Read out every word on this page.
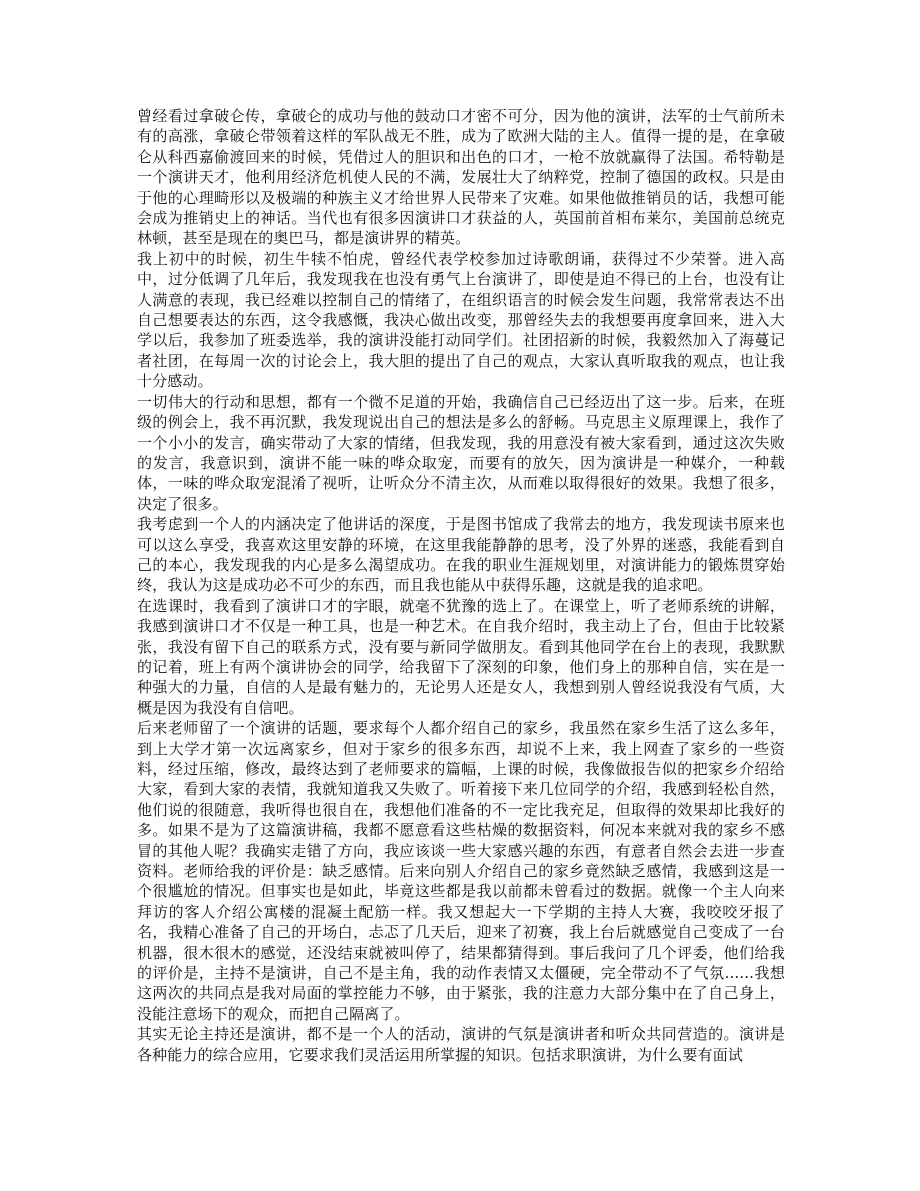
曾经看过拿破仑传，拿破仑的成功与他的鼓动口才密不可分，因为他的演讲，法军的士气前所未有的高涨，拿破仑带领着这样的军队战无不胜，成为了欧洲大陆的主人。值得一提的是，在拿破仑从科西嘉偷渡回来的时候，凭借过人的胆识和出色的口才，一枪不放就赢得了法国。希特勒是一个演讲天才，他利用经济危机使人民的不满，发展壮大了纳粹党，控制了德国的政权。只是由于他的心理畸形以及极端的种族主义才给世界人民带来了灾难。如果他做推销员的话，我想可能会成为推销史上的神话。当代也有很多因演讲口才获益的人，英国前首相布莱尔，美国前总统克林顿，甚至是现在的奥巴马，都是演讲界的精英。

我上初中的时候，初生牛犊不怕虎，曾经代表学校参加过诗歌朗诵，获得过不少荣誉。进入高中，过分低调了几年后，我发现我在也没有勇气上台演讲了，即使是迫不得已的上台，也没有让人满意的表现，我已经难以控制自己的情绪了，在组织语言的时候会发生问题，我常常表达不出自己想要表达的东西，这令我感慨，我决心做出改变，那曾经失去的我想要再度拿回来，进入大学以后，我参加了班委选举，我的演讲没能打动同学们。社团招新的时候，我毅然加入了海蔓记者社团，在每周一次的讨论会上，我大胆的提出了自己的观点，大家认真听取我的观点，也让我十分感动。

一切伟大的行动和思想，都有一个微不足道的开始，我确信自己已经迈出了这一步。后来，在班级的例会上，我不再沉默，我发现说出自己的想法是多么的舒畅。马克思主义原理课上，我作了一个小小的发言，确实带动了大家的情绪，但我发现，我的用意没有被大家看到，通过这次失败的发言，我意识到，演讲不能一味的哗众取宠，而要有的放矢，因为演讲是一种媒介，一种载体，一味的哗众取宠混淆了视听，让听众分不清主次，从而难以取得很好的效果。我想了很多，决定了很多。

我考虑到一个人的内涵决定了他讲话的深度，于是图书馆成了我常去的地方，我发现读书原来也可以这么享受，我喜欢这里安静的环境，在这里我能静静的思考，没了外界的迷惑，我能看到自己的本心，我发现我的内心是多么渴望成功。在我的职业生涯规划里，对演讲能力的锻炼贯穿始终，我认为这是成功必不可少的东西，而且我也能从中获得乐趣，这就是我的追求吧。

在选课时，我看到了演讲口才的字眼，就毫不犹豫的选上了。在课堂上，听了老师系统的讲解，我感到演讲口才不仅是一种工具，也是一种艺术。在自我介绍时，我主动上了台，但由于比较紧张，我没有留下自己的联系方式，没有要与新同学做朋友。看到其他同学在台上的表现，我默默的记着，班上有两个演讲协会的同学，给我留下了深刻的印象，他们身上的那种自信，实在是一种强大的力量，自信的人是最有魅力的，无论男人还是女人，我想到别人曾经说我没有气质，大概是因为我没有自信吧。

后来老师留了一个演讲的话题，要求每个人都介绍自己的家乡，我虽然在家乡生活了这么多年，到上大学才第一次远离家乡，但对于家乡的很多东西，却说不上来，我上网查了家乡的一些资料，经过压缩，修改，最终达到了老师要求的篇幅，上课的时候，我像做报告似的把家乡介绍给大家，看到大家的表情，我就知道我又失败了。听着接下来几位同学的介绍，我感到轻松自然，他们说的很随意，我听得也很自在，我想他们准备的不一定比我充足，但取得的效果却比我好的多。如果不是为了这篇演讲稿，我都不愿意看这些枯燥的数据资料，何况本来就对我的家乡不感冒的其他人呢？我确实走错了方向，我应该谈一些大家感兴趣的东西，有意者自然会去进一步查资料。老师给我的评价是：缺乏感情。后来向别人介绍自己的家乡竟然缺乏感情，我感到这是一个很尴尬的情况。但事实也是如此，毕竟这些都是我以前都未曾看过的数据。就像一个主人向来拜访的客人介绍公寓楼的混凝土配筋一样。我又想起大一下学期的主持人大赛，我咬咬牙报了名，我精心准备了自己的开场白，忐忑了几天后，迎来了初赛，我上台后就感觉自己变成了一台机器，很木很木的感觉，还没结束就被叫停了，结果都猜得到。事后我问了几个评委，他们给我的评价是，主持不是演讲，自己不是主角，我的动作表情又太僵硬，完全带动不了气氛......我想这两次的共同点是我对局面的掌控能力不够，由于紧张，我的注意力大部分集中在了自己身上，没能注意场下的观众，而把自己隔离了。

其实无论主持还是演讲，都不是一个人的活动，演讲的气氛是演讲者和听众共同营造的。演讲是各种能力的综合应用，它要求我们灵活运用所掌握的知识。包括求职演讲，为什么要有面试
